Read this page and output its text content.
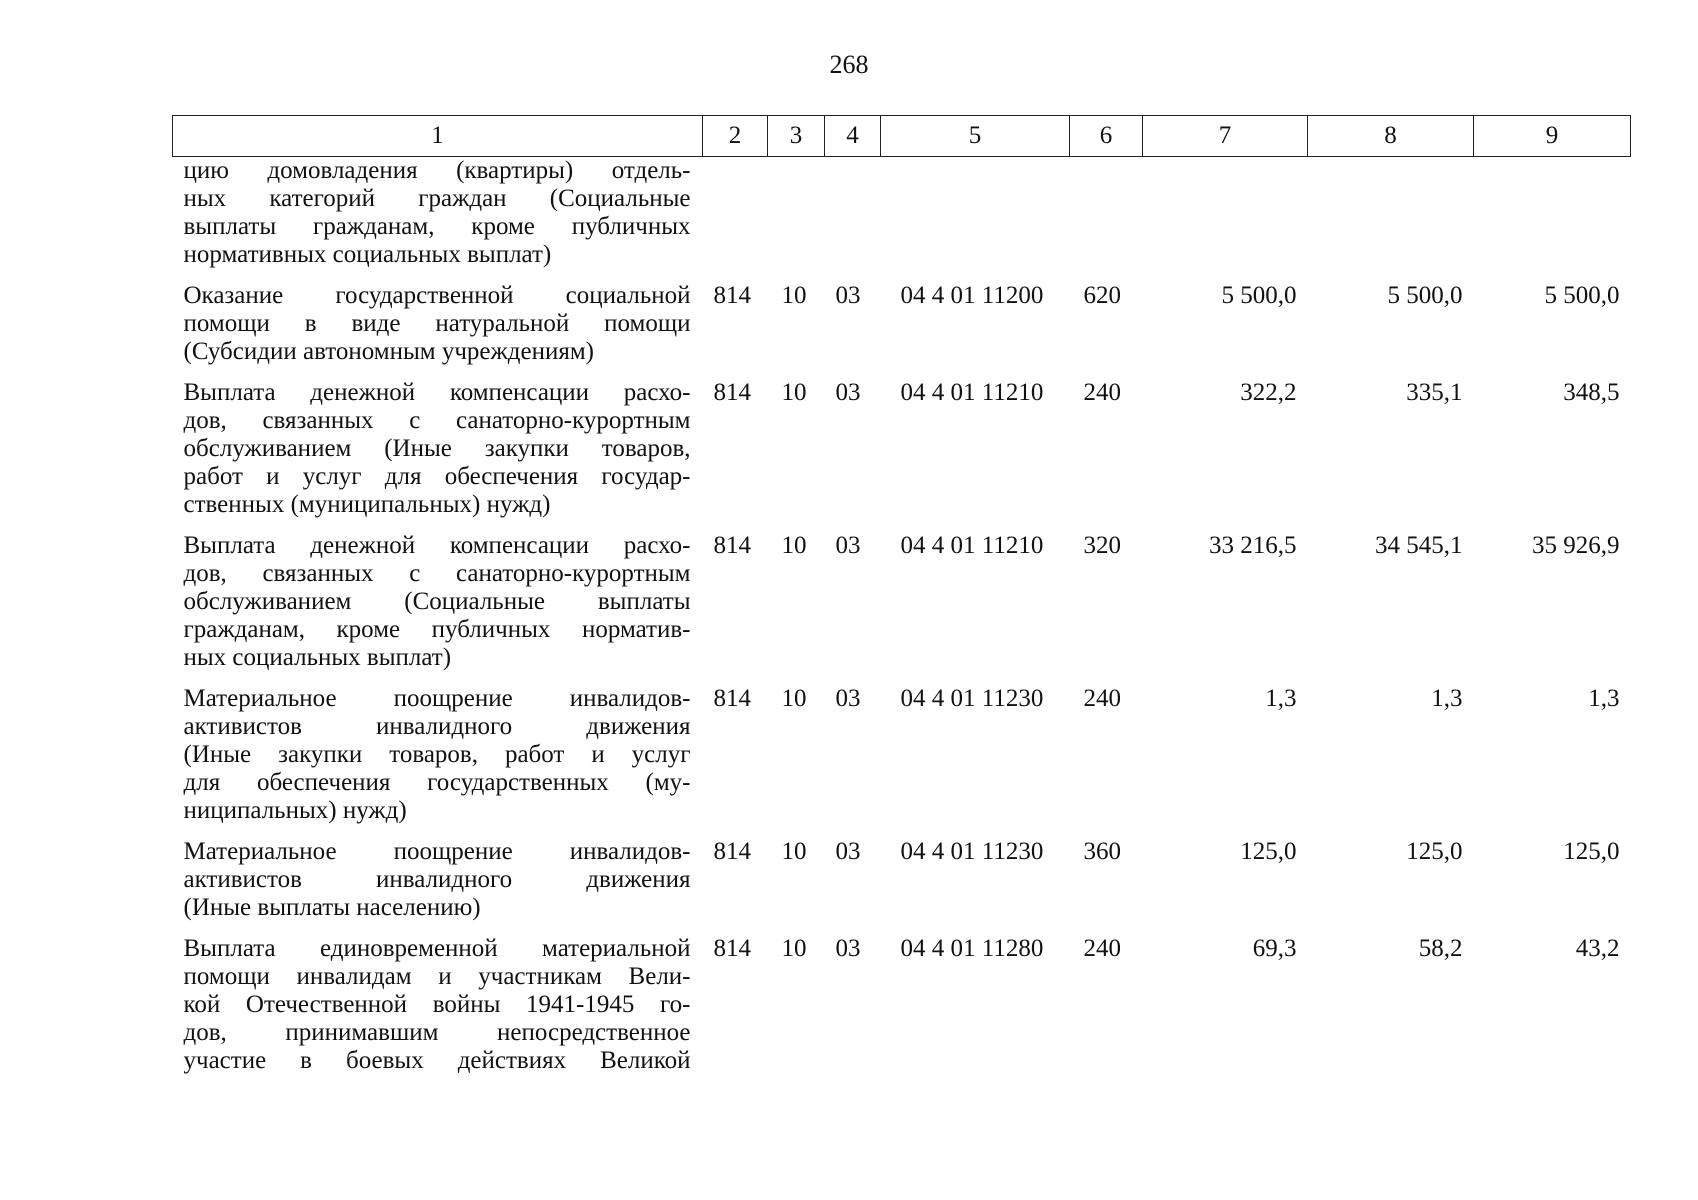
268
1	2	3	4	5	6	7	8	9

цию домовладения (квартиры) отдель-
ных категорий граждан (Социальные
выплаты гражданам, кроме публичных
нормативных социальных выплат)								

Оказание государственной социальной
помощи в виде натуральной помощи
(Субсидии автономным учреждениям)	814	10	03	04 4 01 11200	620	5 500,0	5 500,0	5 500,0

Выплата денежной компенсации расхо-
дов, связанных с санаторно-курортным
обслуживанием (Иные закупки товаров,
работ и услуг для обеспечения государ-
ственных (муниципальных) нужд)	814	10	03	04 4 01 11210	240	322,2	335,1	348,5

Выплата денежной компенсации расхо-
дов, связанных с санаторно-курортным
обслуживанием (Социальные выплаты
гражданам, кроме публичных норматив-
ных социальных выплат)	814	10	03	04 4 01 11210	320	33 216,5	34 545,1	35 926,9

Материальное поощрение инвалидов-
активистов инвалидного движения
(Иные закупки товаров, работ и услуг
для обеспечения государственных (му-
ниципальных) нужд)	814	10	03	04 4 01 11230	240	1,3	1,3	1,3

Материальное поощрение инвалидов-
активистов инвалидного движения
(Иные выплаты населению)	814	10	03	04 4 01 11230	360	125,0	125,0	125,0

Выплата единовременной материальной
помощи инвалидам и участникам Вели-
кой Отечественной войны 1941-1945 го-
дов, принимавшим непосредственное
участие в боевых действиях Великой	814	10	03	04 4 01 11280	240	69,3	58,2	43,2
